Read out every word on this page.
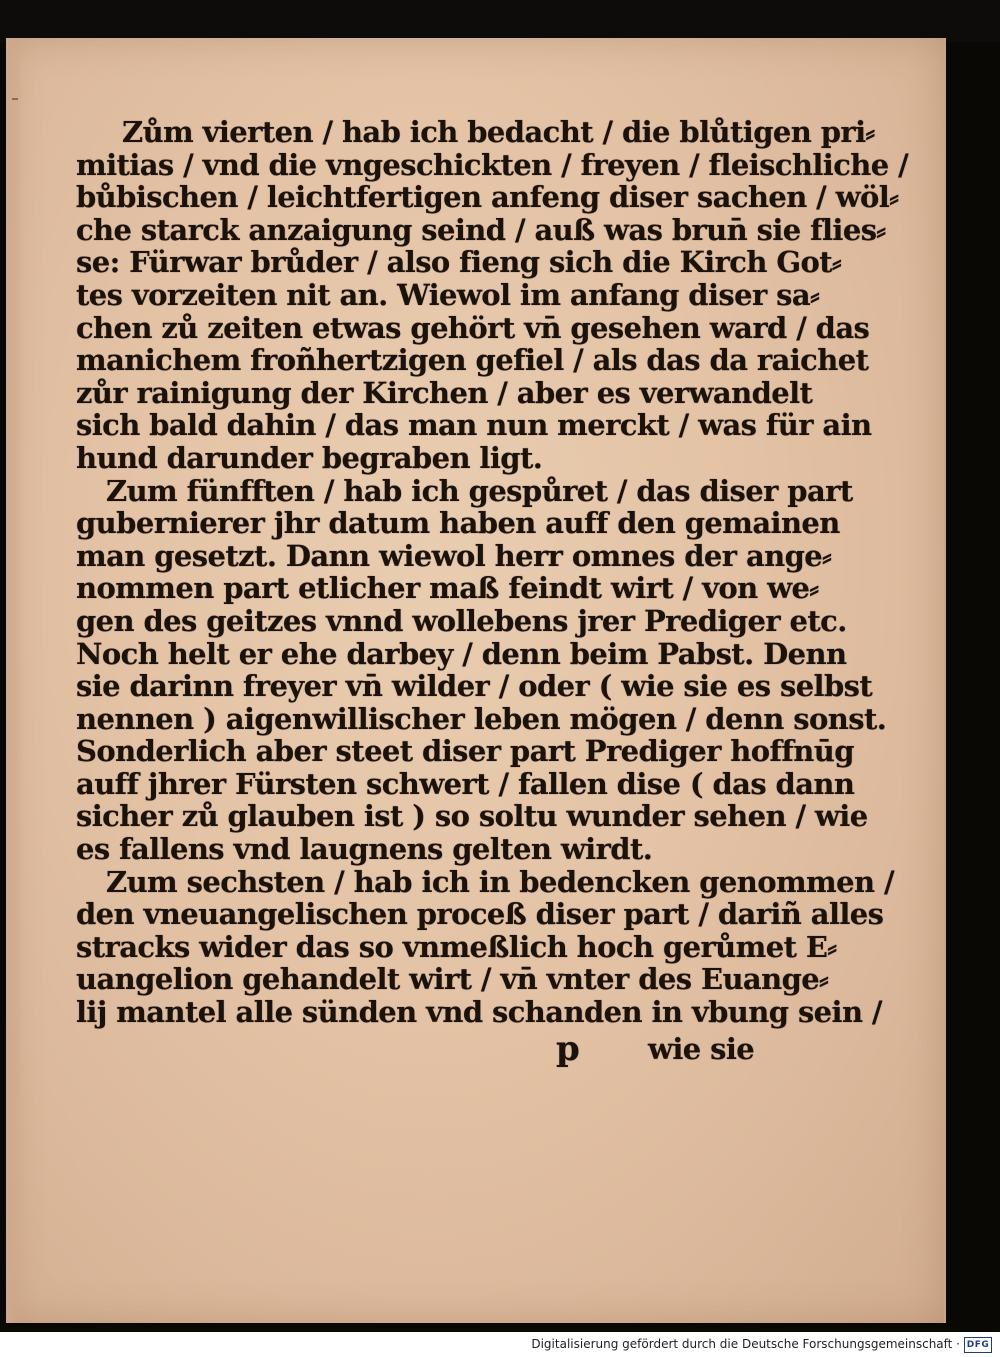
Zům vierten / hab ich bedacht / die blůtigen pri⸗
mitias / vnd die vngeschickten / freyen / fleischliche /
bůbischen / leichtfertigen anfeng diser sachen / wöl⸗
che starck anzaigung seind / auß was brun̄ sie flies⸗
se: Fürwar brůder / also fieng sich die Kirch Got⸗
tes vorzeiten nit an. Wiewol im anfang diser sa⸗
chen zů zeiten etwas gehört vn̄ gesehen ward / das
manichem froñhertzigen gefiel / als das da raichet
zůr rainigung der Kirchen / aber es verwandelt
sich bald dahin / das man nun merckt / was für ain
hund darunder begraben ligt.
Zum fünfften / hab ich gespůret / das diser part
gubernierer jhr datum haben auff den gemainen
man gesetzt. Dann wiewol herr omnes der ange⸗
nommen part etlicher maß feindt wirt / von we⸗
gen des geitzes vnnd wollebens jrer Prediger etc.
Noch helt er ehe darbey / denn beim Pabst. Denn
sie darinn freyer vn̄ wilder / oder ( wie sie es selbst
nennen ) aigenwillischer leben mögen / denn sonst.
Sonderlich aber steet diser part Prediger hoffnūg
auff jhrer Fürsten schwert / fallen dise ( das dann
sicher zů glauben ist ) so soltu wunder sehen / wie
es fallens vnd laugnens gelten wirdt.
Zum sechsten / hab ich in bedencken genommen /
den vneuangelischen proceß diser part / dariñ alles
stracks wider das so vnmeßlich hoch gerůmet E⸗
uangelion gehandelt wirt / vn̄ vnter des Euange⸗
lij mantel alle sünden vnd schanden in vbung sein /
p wie sie
Digitalisierung gefördert durch die Deutsche Forschungsgemeinschaft · DFG
